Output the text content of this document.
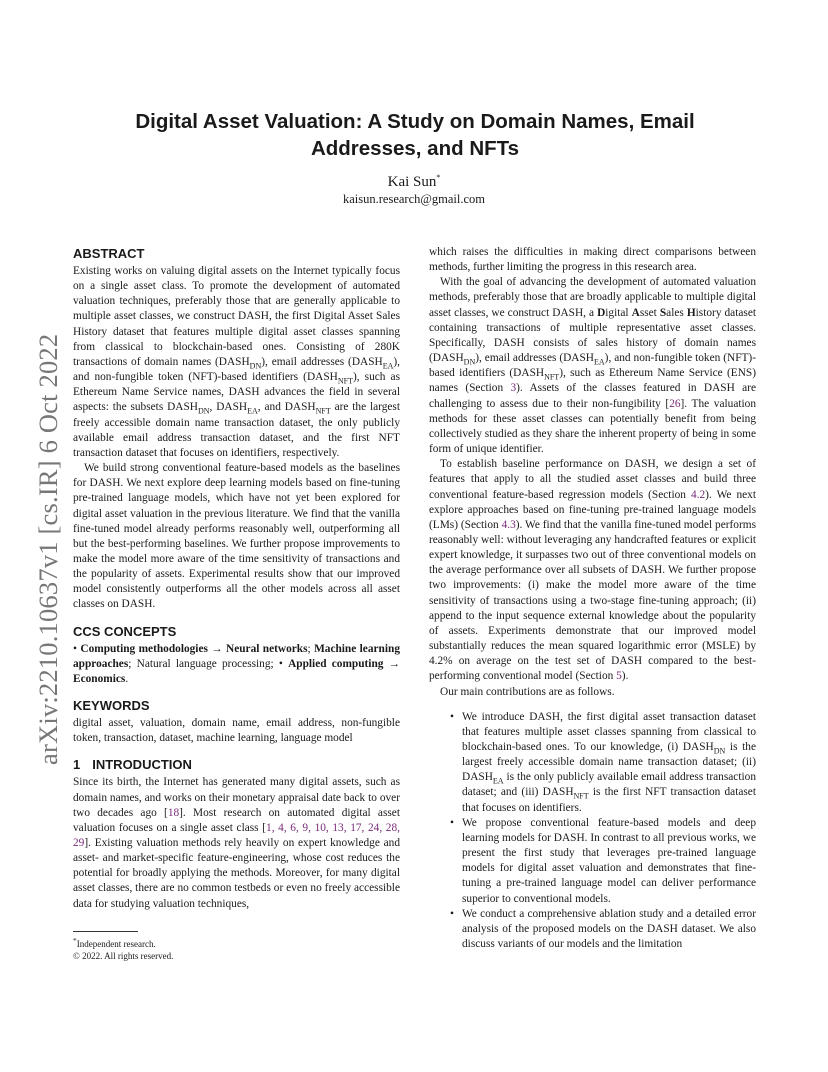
arXiv:2210.10637v1 [cs.IR] 6 Oct 2022
Digital Asset Valuation: A Study on Domain Names, Email Addresses, and NFTs
Kai Sun*
kaisun.research@gmail.com
ABSTRACT

Existing works on valuing digital assets on the Internet typically focus on a single asset class. To promote the development of automated valuation techniques, preferably those that are generally applicable to multiple asset classes, we construct DASH, the first Digital Asset Sales History dataset that features multiple digital asset classes spanning from classical to blockchain-based ones. Consisting of 280K transactions of domain names $(DASH_{DN})$, email addresses $(DASH_{EA})$, and non-fungible token (NFT)-based identifiers $(DASH_{NFT})$, such as Ethereum Name Service names, DASH advances the field in several aspects: the subsets $DASH_{DN}$, $DASH_{EA}$, and $DASH_{NFT}$ are the largest freely accessible domain name transaction dataset, the only publicly available email address transaction dataset, and the first NFT transaction dataset that focuses on identifiers, respectively.

We build strong conventional feature-based models as the baselines for DASH. We next explore deep learning models based on fine-tuning pre-trained language models, which have not yet been explored for digital asset valuation in the previous literature. We find that the vanilla fine-tuned model already performs reasonably well, outperforming all but the best-performing baselines. We further propose improvements to make the model more aware of the time sensitivity of transactions and the popularity of assets. Experimental results show that our improved model consistently outperforms all the other models across all asset classes on DASH.

CCS CONCEPTS

• Computing methodologies → Neural networks; Machine learning approaches; Natural language processing; • Applied computing → Economics.

KEYWORDS

digital asset, valuation, domain name, email address, non-fungible token, transaction, dataset, machine learning, language model

1 INTRODUCTION

Since its birth, the Internet has generated many digital assets, such as domain names, and works on their monetary appraisal date back to over two decades ago [18]. Most research on automated digital asset valuation focuses on a single asset class [1, 4, 6, 9, 10, 13, 17, 24, 28, 29]. Existing valuation methods rely heavily on expert knowledge and asset- and market-specific feature-engineering, whose cost reduces the potential for broadly applying the methods. Moreover, for many digital asset classes, there are no common testbeds or even no freely accessible data for studying valuation techniques,

which raises the difficulties in making direct comparisons between methods, further limiting the progress in this research area.

With the goal of advancing the development of automated valuation methods, preferably those that are broadly applicable to multiple digital asset classes, we construct DASH, a Digital Asset Sales History dataset containing transactions of multiple representative asset classes. Specifically, DASH consists of sales history of domain names $(DASH_{DN})$, email addresses $(DASH_{EA})$, and non-fungible token (NFT)-based identifiers $(DASH_{NFT})$, such as Ethereum Name Service (ENS) names (Section 3). Assets of the classes featured in DASH are challenging to assess due to their non-fungibility [26]. The valuation methods for these asset classes can potentially benefit from being collectively studied as they share the inherent property of being in some form of unique identifier.

To establish baseline performance on DASH, we design a set of features that apply to all the studied asset classes and build three conventional feature-based regression models (Section 4.2). We next explore approaches based on fine-tuning pre-trained language models (LMs) (Section 4.3). We find that the vanilla fine-tuned model performs reasonably well: without leveraging any handcrafted features or explicit expert knowledge, it surpasses two out of three conventional models on the average performance over all subsets of DASH. We further propose two improvements: (i) make the model more aware of the time sensitivity of transactions using a two-stage fine-tuning approach; (ii) append to the input sequence external knowledge about the popularity of assets. Experiments demonstrate that our improved model substantially reduces the mean squared logarithmic error (MSLE) by 4.2% on average on the test set of DASH compared to the best-performing conventional model (Section 5).

Our main contributions are as follows.

• We introduce DASH, the first digital asset transaction dataset that features multiple asset classes spanning from classical to blockchain-based ones. To our knowledge, (i) $DASH_{DN}$ is the largest freely accessible domain name transaction dataset; (ii) $DASH_{EA}$ is the only publicly available email address transaction dataset; and (iii) $DASH_{NFT}$ is the first NFT transaction dataset that focuses on identifiers.
• We propose conventional feature-based models and deep learning models for DASH. In contrast to all previous works, we present the first study that leverages pre-trained language models for digital asset valuation and demonstrates that fine-tuning a pre-trained language model can deliver performance superior to conventional models.
• We conduct a comprehensive ablation study and a detailed error analysis of the proposed models on the DASH dataset. We also discuss variants of our models and the limitation
*Independent research.
© 2022. All rights reserved.
